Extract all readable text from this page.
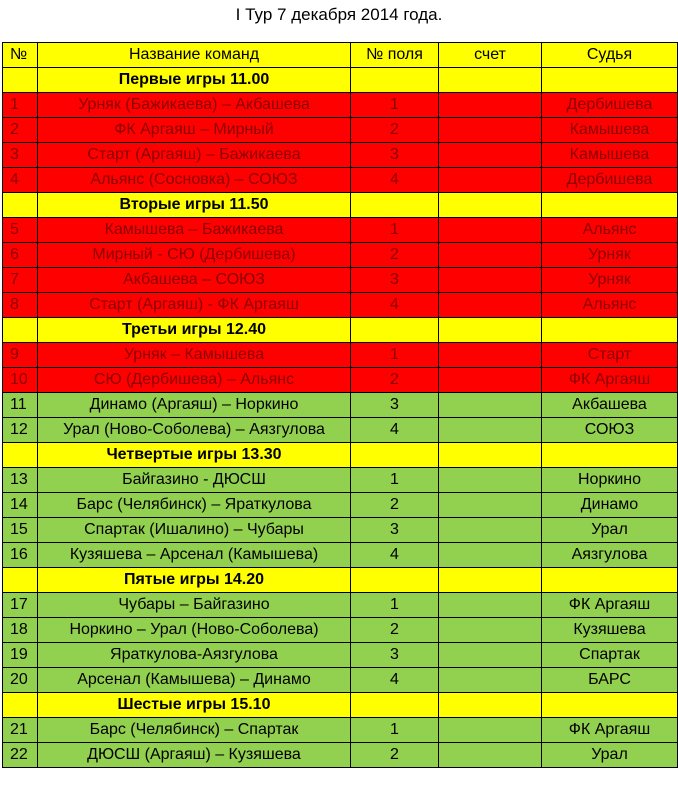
I Тур 7 декабря 2014 года.
№	Название команд	№ поля	счет	Судья
	Первые игры 11.00			
1	Урняк (Бажикаева) – Акбашева	1		Дербишева
2	ФК Аргаяш – Мирный	2		Камышева
3	Старт (Аргаяш) – Бажикаева	3		Камышева
4	Альянс (Сосновка) – СОЮЗ	4		Дербишева
	Вторые игры 11.50			
5	Камышева – Бажикаева	1		Альянс
6	Мирный - СЮ (Дербишева)	2		Урняк
7	Акбашева – СОЮЗ	3		Урняк
8	Старт (Аргаяш) - ФК Аргаяш	4		Альянс
	Третьи игры 12.40			
9	Урняк – Камышева	1		Старт
10	СЮ (Дербишева) – Альянс	2		ФК Аргаяш
11	Динамо (Аргаяш) – Норкино	3		Акбашева
12	Урал (Ново-Соболева) – Аязгулова	4		СОЮЗ
	Четвертые игры 13.30			
13	Байгазино - ДЮСШ	1		Норкино
14	Барс (Челябинск) – Яраткулова	2		Динамо
15	Спартак (Ишалино) – Чубары	3		Урал
16	Кузяшева – Арсенал (Камышева)	4		Аязгулова
	Пятые игры 14.20			
17	Чубары – Байгазино	1		ФК Аргаяш
18	Норкино – Урал (Ново-Соболева)	2		Кузяшева
19	Яраткулова-Аязгулова	3		Спартак
20	Арсенал (Камышева) – Динамо	4		БАРС
	Шестые игры 15.10			
21	Барс (Челябинск) – Спартак	1		ФК Аргаяш
22	ДЮСШ (Аргаяш) – Кузяшева	2		Урал
